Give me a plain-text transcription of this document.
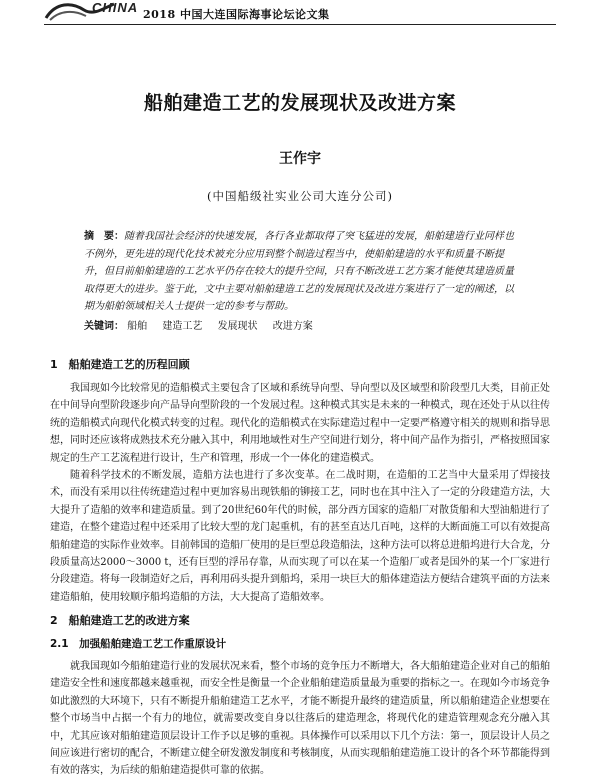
CHINA 2018 中国大连国际海事论坛论文集
船舶建造工艺的发展现状及改进方案
王作宇
(中国船级社实业公司大连分公司)
摘　要：随着我国社会经济的快速发展，各行各业都取得了突飞猛进的发展，船舶建造行业同样也不例外，更先进的现代化技术被充分应用到整个制造过程当中，使船舶建造的水平和质量不断提升，但目前船舶建造的工艺水平仍存在较大的提升空间，只有不断改进工艺方案才能使其建造质量取得更大的进步。鉴于此，文中主要对船舶建造工艺的发展现状及改进方案进行了一定的阐述，以期为船舶领域相关人士提供一定的参考与帮助。
关键词： 船舶 建造工艺 发展现状 改进方案
1　船舶建造工艺的历程回顾
我国现如今比较常见的造船模式主要包含了区域和系统导向型、导向型以及区域型和阶段型几大类，目前正处在中间导向型阶段逐步向产品导向型阶段的一个发展过程。这种模式其实是未来的一种模式，现在还处于从以往传统的造船模式向现代化模式转变的过程。现代化的造船模式在实际建造过程中一定要严格遵守相关的规则和指导思想，同时还应该将成熟技术充分融入其中，利用地域性对生产空间进行划分，将中间产品作为指引，严格按照国家规定的生产工艺流程进行设计，生产和管理，形成一个一体化的建造模式。
随着科学技术的不断发展，造船方法也进行了多次变革。在二战时期，在造船的工艺当中大量采用了焊接技术，而没有采用以往传统建造过程中更加容易出现铁船的铆接工艺，同时也在其中注入了一定的分段建造方法，大大提升了造船的效率和建造质量。到了20世纪60年代的时候，部分西方国家的造船厂对散货船和大型油船进行了建造，在整个建造过程中还采用了比较大型的龙门起重机，有的甚至直达几百吨，这样的大断面施工可以有效提高船舶建造的实际作业效率。目前韩国的造船厂使用的是巨型总段造船法，这种方法可以将总进船坞进行大合龙，分段质量高达2000～3000 t，还有巨型的浮吊存靠，从而实现了可以在某一个造船厂或者是国外的某一个厂家进行分段建造。将每一段制造好之后，再利用码头提升到船坞，采用一块巨大的船体建造法方便结合建筑平面的方法来建造船舶，使用较顺序船坞造船的方法，大大提高了造船效率。
2　船舶建造工艺的改进方案
2.1　加强船舶建造工艺工作重原设计
就我国现如今船舶建造行业的发展状况来看，整个市场的竞争压力不断增大，各大船舶建造企业对自己的船舶建造安全性和速度都越来越重视，而安全性是衡量一个企业船舶建造质量最为重要的指标之一。在现如今市场竞争如此激烈的大环境下，只有不断提升船舶建造工艺水平，才能不断提升最终的建造质量，所以船舶建造企业想要在整个市场当中占据一个有力的地位，就需要改变自身以往落后的建造理念，将现代化的建造管理观念充分融入其中，尤其应该对船舶建造顶层设计工作予以足够的重视。具体操作可以采用以下几个方法：第一，顶层设计人员之间应该进行密切的配合，不断建立健全研发激发制度和考核制度，从而实现船舶建造施工设计的各个环节都能得到有效的落实，为后续的船舶建造提供可靠的依据。
